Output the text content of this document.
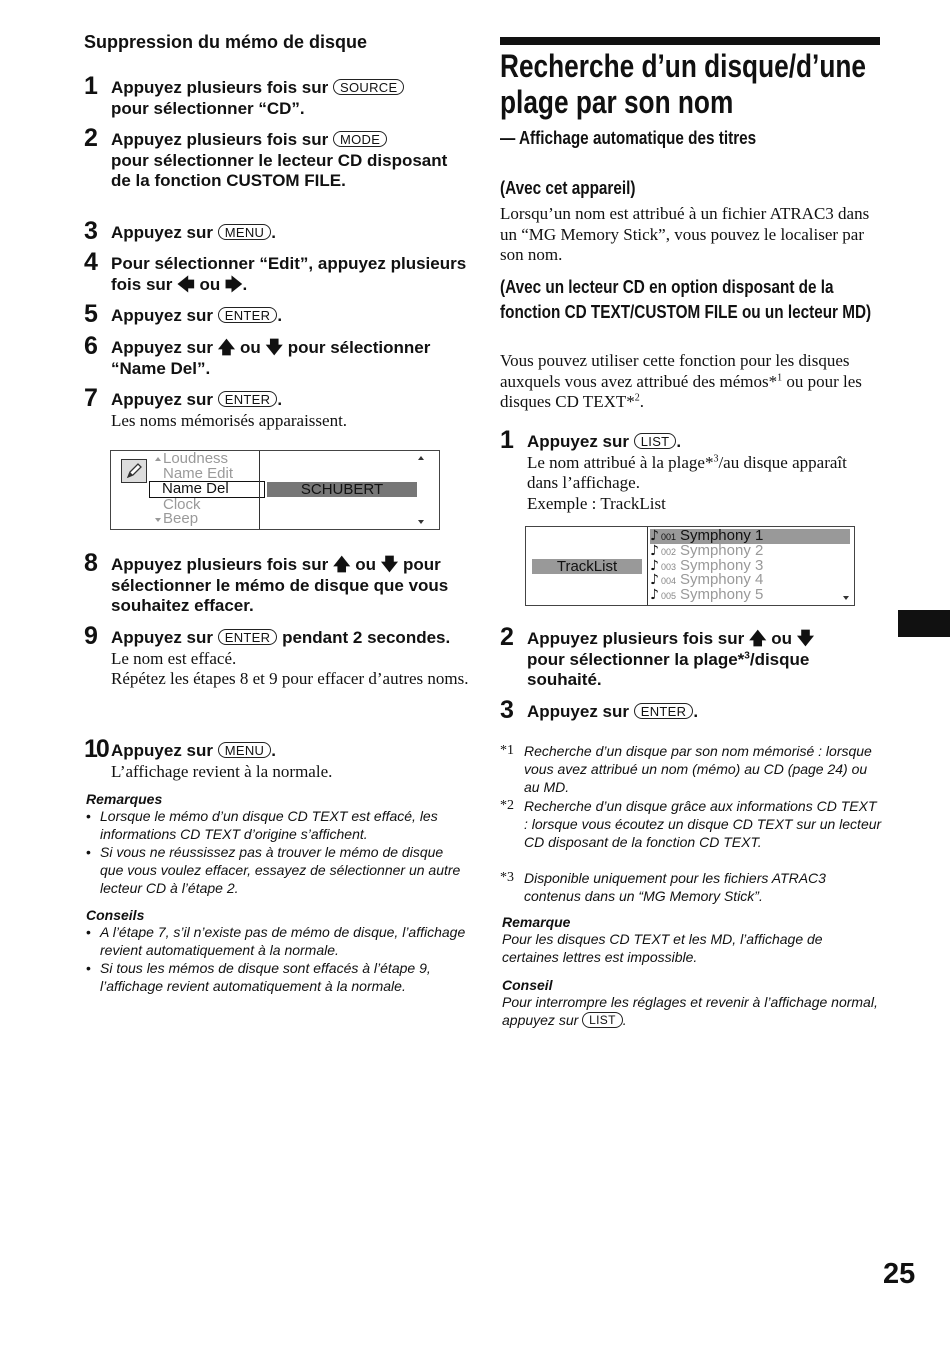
Suppression du mémo de disque
1 Appuyez plusieurs fois sur SOURCE
pour sélectionner “CD”.
2 Appuyez plusieurs fois sur MODE
pour sélectionner le lecteur CD disposant de la fonction CUSTOM FILE.
3 Appuyez sur MENU .
4 Pour sélectionner “Edit”, appuyez plusieurs fois sur 🡄 ou 🡆.
5 Appuyez sur ENTER .
6 Appuyez sur 🡅 ou 🡇 pour sélectionner “Name Del”.
7 Appuyez sur ENTER .
Les noms mémorisés apparaissent.
Loudness
Name Edit
Name Del
Clock
Beep
SCHUBERT
8 Appuyez plusieurs fois sur 🡅 ou 🡇 pour sélectionner le mémo de disque que vous souhaitez effacer.
9 Appuyez sur ENTER pendant 2 secondes.
Le nom est effacé.
Répétez les étapes 8 et 9 pour effacer d’autres noms.
10 Appuyez sur MENU .
L’affichage revient à la normale.
Remarques
• Lorsque le mémo d’un disque CD TEXT est effacé, les informations CD TEXT d’origine s’affichent.
• Si vous ne réussissez pas à trouver le mémo de disque que vous voulez effacer, essayez de sélectionner un autre lecteur CD à l’étape 2.
Conseils
• A l’étape 7, s’il n’existe pas de mémo de disque, l’affichage revient automatiquement à la normale.
• Si tous les mémos de disque sont effacés à l’étape 9, l’affichage revient automatiquement à la normale.
Recherche d’un disque/d’une plage par son nom
— Affichage automatique des titres
(Avec cet appareil)
Lorsqu’un nom est attribué à un fichier ATRAC3 dans un “MG Memory Stick”, vous pouvez le localiser par son nom.
(Avec un lecteur CD en option disposant de la fonction CD TEXT/CUSTOM FILE ou un lecteur MD)
Vous pouvez utiliser cette fonction pour les disques auxquels vous avez attribué des mémos*$^1$ ou pour les disques CD TEXT*$^2$.
1 Appuyez sur LIST .
Le nom attribué à la plage*$^3$/au disque apparaît dans l’affichage.
Exemple : TrackList
TrackList
♪ 001 Symphony 1
♪ 002 Symphony 2
♪ 003 Symphony 3
♪ 004 Symphony 4
♪ 005 Symphony 5
2 Appuyez plusieurs fois sur 🡅 ou 🡇
pour sélectionner la plage*$^3$/disque souhaité.
3 Appuyez sur ENTER .
*1 Recherche d’un disque par son nom mémorisé : lorsque vous avez attribué un nom (mémo) au CD (page 24) ou au MD.
*2 Recherche d’un disque grâce aux informations CD TEXT : lorsque vous écoutez un disque CD TEXT sur un lecteur CD disposant de la fonction CD TEXT.
*3 Disponible uniquement pour les fichiers ATRAC3 contenus dans un “MG Memory Stick”.
Remarque
Pour les disques CD TEXT et les MD, l’affichage de certaines lettres est impossible.
Conseil
Pour interrompre les réglages et revenir à l’affichage normal, appuyez sur LIST .
25
